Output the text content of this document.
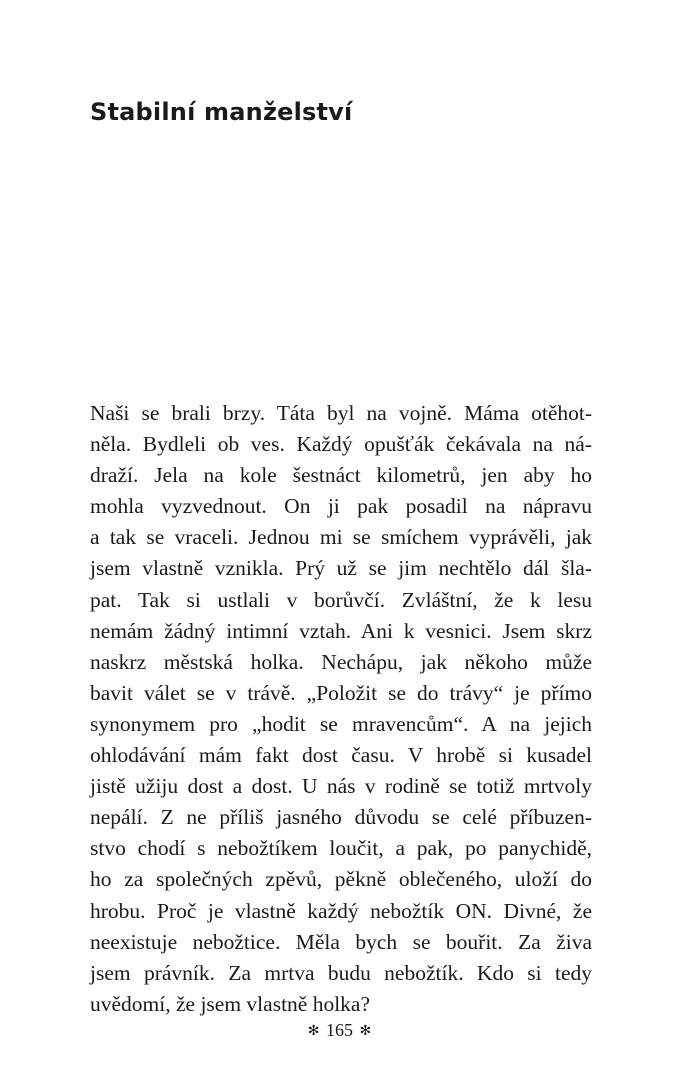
Stabilní manželství
Naši se brali brzy. Táta byl na vojně. Máma otěhot-
něla. Bydleli ob ves. Každý opušťák čekávala na ná-
draží. Jela na kole šestnáct kilometrů, jen aby ho
mohla vyzvednout. On ji pak posadil na nápravu
a tak se vraceli. Jednou mi se smíchem vyprávěli, jak
jsem vlastně vznikla. Prý už se jim nechtělo dál šla-
pat. Tak si ustlali v borůvčí. Zvláštní, že k lesu
nemám žádný intimní vztah. Ani k vesnici. Jsem skrz
naskrz městská holka. Nechápu, jak někoho může
bavit válet se v trávě. „Položit se do trávy“ je přímo
synonymem pro „hodit se mravencům“. A na jejich
ohlodávání mám fakt dost času. V hrobě si kusadel
jistě užiju dost a dost. U nás v rodině se totiž mrtvoly
nepálí. Z ne příliš jasného důvodu se celé příbuzen-
stvo chodí s nebožtíkem loučit, a pak, po panychidě,
ho za společných zpěvů, pěkně oblečeného, uloží do
hrobu. Proč je vlastně každý nebožtík ON. Divné, že
neexistuje nebožtice. Měla bych se bouřit. Za živa
jsem právník. Za mrtva budu nebožtík. Kdo si tedy
uvědomí, že jsem vlastně holka?
✻ 165 ✻
